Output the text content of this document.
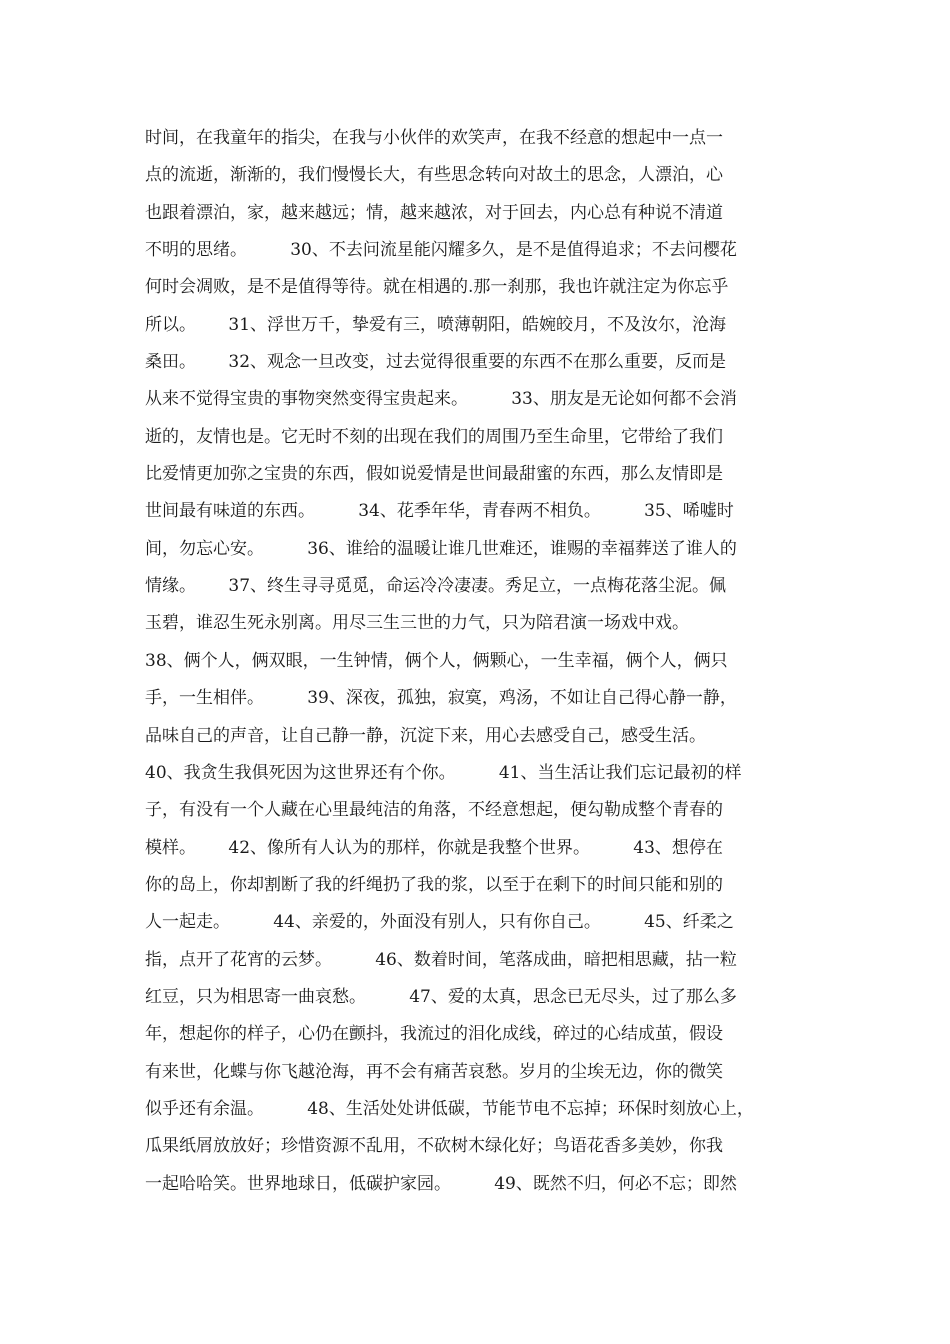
时间，在我童年的指尖，在我与小伙伴的欢笑声，在我不经意的想起中一点一
点的流逝，渐渐的，我们慢慢长大，有些思念转向对故土的思念，人漂泊，心
也跟着漂泊，家，越来越远；情，越来越浓，对于回去，内心总有种说不清道
不明的思绪。        30、不去问流星能闪耀多久，是不是值得追求；不去问樱花
何时会凋败，是不是值得等待。就在相遇的.那一刹那，我也许就注定为你忘乎
所以。      31、浮世万千，挚爱有三，喷薄朝阳，皓婉皎月，不及汝尔，沧海
桑田。      32、观念一旦改变，过去觉得很重要的东西不在那么重要，反而是
从来不觉得宝贵的事物突然变得宝贵起来。        33、朋友是无论如何都不会消
逝的，友情也是。它无时不刻的出现在我们的周围乃至生命里，它带给了我们
比爱情更加弥之宝贵的东西，假如说爱情是世间最甜蜜的东西，那么友情即是
世间最有味道的东西。        34、花季年华，青春两不相负。        35、唏嘘时
间，勿忘心安。        36、谁给的温暖让谁几世难还，谁赐的幸福葬送了谁人的
情缘。      37、终生寻寻觅觅，命运冷冷凄凄。秀足立，一点梅花落尘泥。佩
玉碧，谁忍生死永别离。用尽三生三世的力气，只为陪君演一场戏中戏。
38、俩个人，俩双眼，一生钟情，俩个人，俩颗心，一生幸福，俩个人，俩只
手，一生相伴。        39、深夜，孤独，寂寞，鸡汤，不如让自己得心静一静，
品味自己的声音，让自己静一静，沉淀下来，用心去感受自己，感受生活。
40、我贪生我俱死因为这世界还有个你。        41、当生活让我们忘记最初的样
子，有没有一个人藏在心里最纯洁的角落，不经意想起，便勾勒成整个青春的
模样。      42、像所有人认为的那样，你就是我整个世界。        43、想停在
你的岛上，你却割断了我的纤绳扔了我的浆，以至于在剩下的时间只能和别的
人一起走。        44、亲爱的，外面没有别人，只有你自己。        45、纤柔之
指，点开了花宵的云梦。        46、数着时间，笔落成曲，暗把相思藏，拈一粒
红豆，只为相思寄一曲哀愁。        47、爱的太真，思念已无尽头，过了那么多
年，想起你的样子，心仍在颤抖，我流过的泪化成线，碎过的心结成茧，假设
有来世，化蝶与你飞越沧海，再不会有痛苦哀愁。岁月的尘埃无边，你的微笑
似乎还有余温。        48、生活处处讲低碳，节能节电不忘掉；环保时刻放心上，
瓜果纸屑放放好；珍惜资源不乱用，不砍树木绿化好；鸟语花香多美妙，你我
一起哈哈笑。世界地球日，低碳护家园。        49、既然不归，何必不忘；即然
